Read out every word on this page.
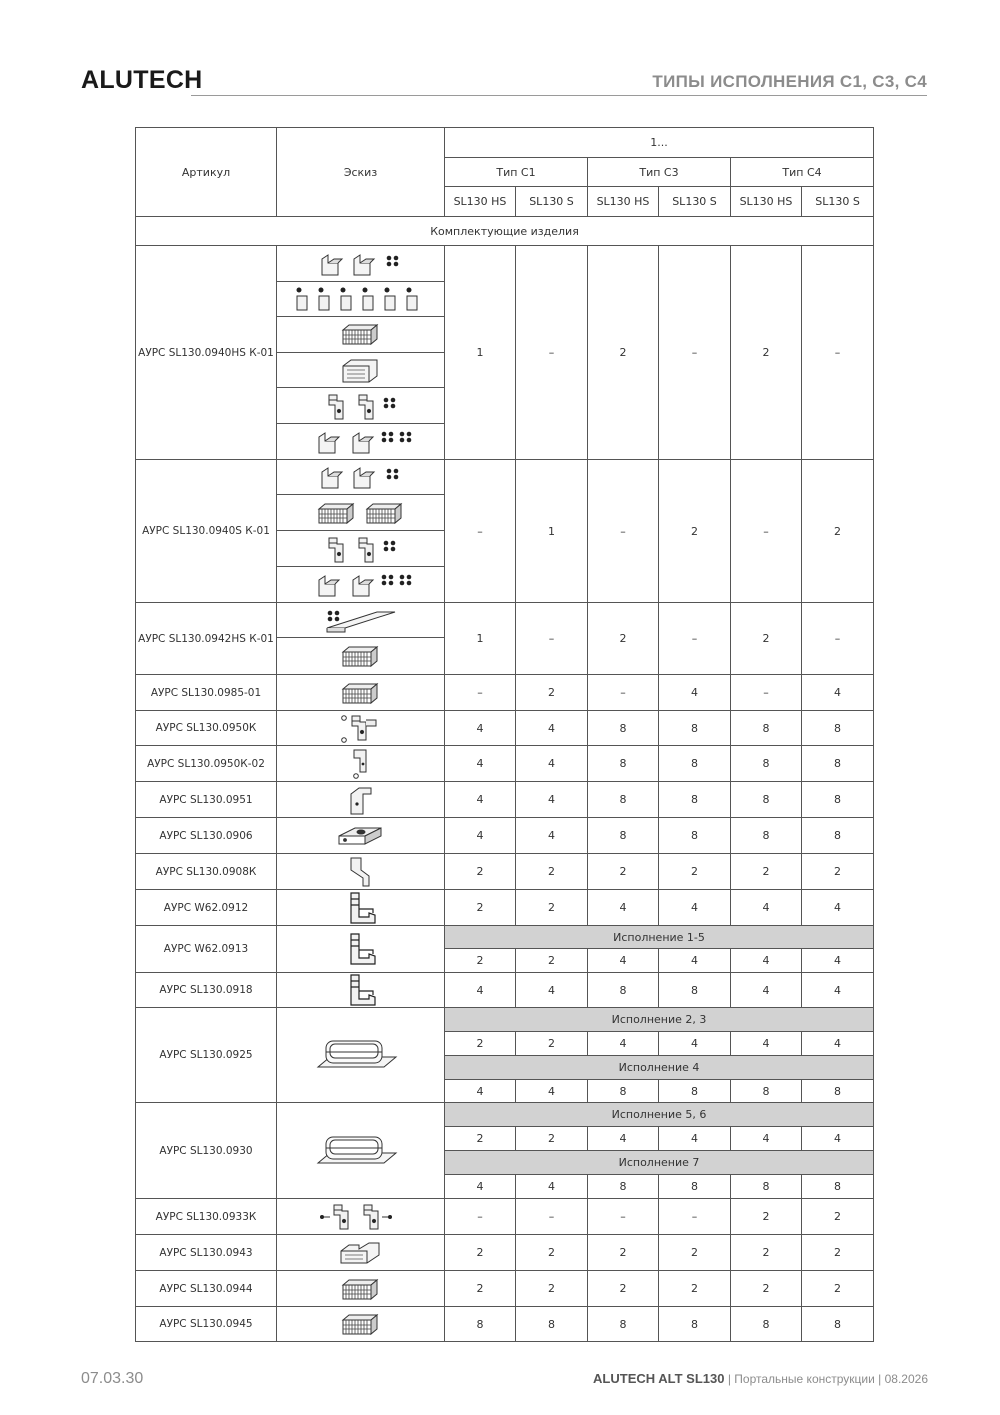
ALUTECH	ТИПЫ ИСПОЛНЕНИЯ С1, С3, С4
Артикул	Эскиз	1...					
		Тип С1		Тип С3		Тип С4	
		SL130 HS	SL130 S	SL130 HS	SL130 S	SL130 HS	SL130 S
Комплектующие изделия							
АУРС SL130.0940HS К-01		1	–	2	–	2	–

АУРС SL130.0940S К-01		–	1	–	2	–	2

АУРС SL130.0942HS К-01		1	–	2	–	2	–

АУРС SL130.0985-01		–	2	–	4	–	4
АУРС SL130.0950К		4	4	8	8	8	8
АУРС SL130.0950К-02		4	4	8	8	8	8
АУРС SL130.0951		4	4	8	8	8	8
АУРС SL130.0906		4	4	8	8	8	8
АУРС SL130.0908К		2	2	2	2	2	2
АУРС W62.0912		2	2	4	4	4	4
АУРС W62.0913		Исполнение 1-5					
		2	2	4	4	4	4
АУРС SL130.0918		4	4	8	8	4	4
АУРС SL130.0925		Исполнение 2, 3					
		2	2	4	4	4	4
		Исполнение 4					
		4	4	8	8	8	8
АУРС SL130.0930		Исполнение 5, 6					
		2	2	4	4	4	4
		Исполнение 7					
		4	4	8	8	8	8
АУРС SL130.0933К		–	–	–	–	2	2
АУРС SL130.0943		2	2	2	2	2	2
АУРС SL130.0944		2	2	2	2	2	2
АУРС SL130.0945		8	8	8	8	8	8
07.03.30	ALUTECH ALT SL130 | Портальные конструкции | 08.2026
